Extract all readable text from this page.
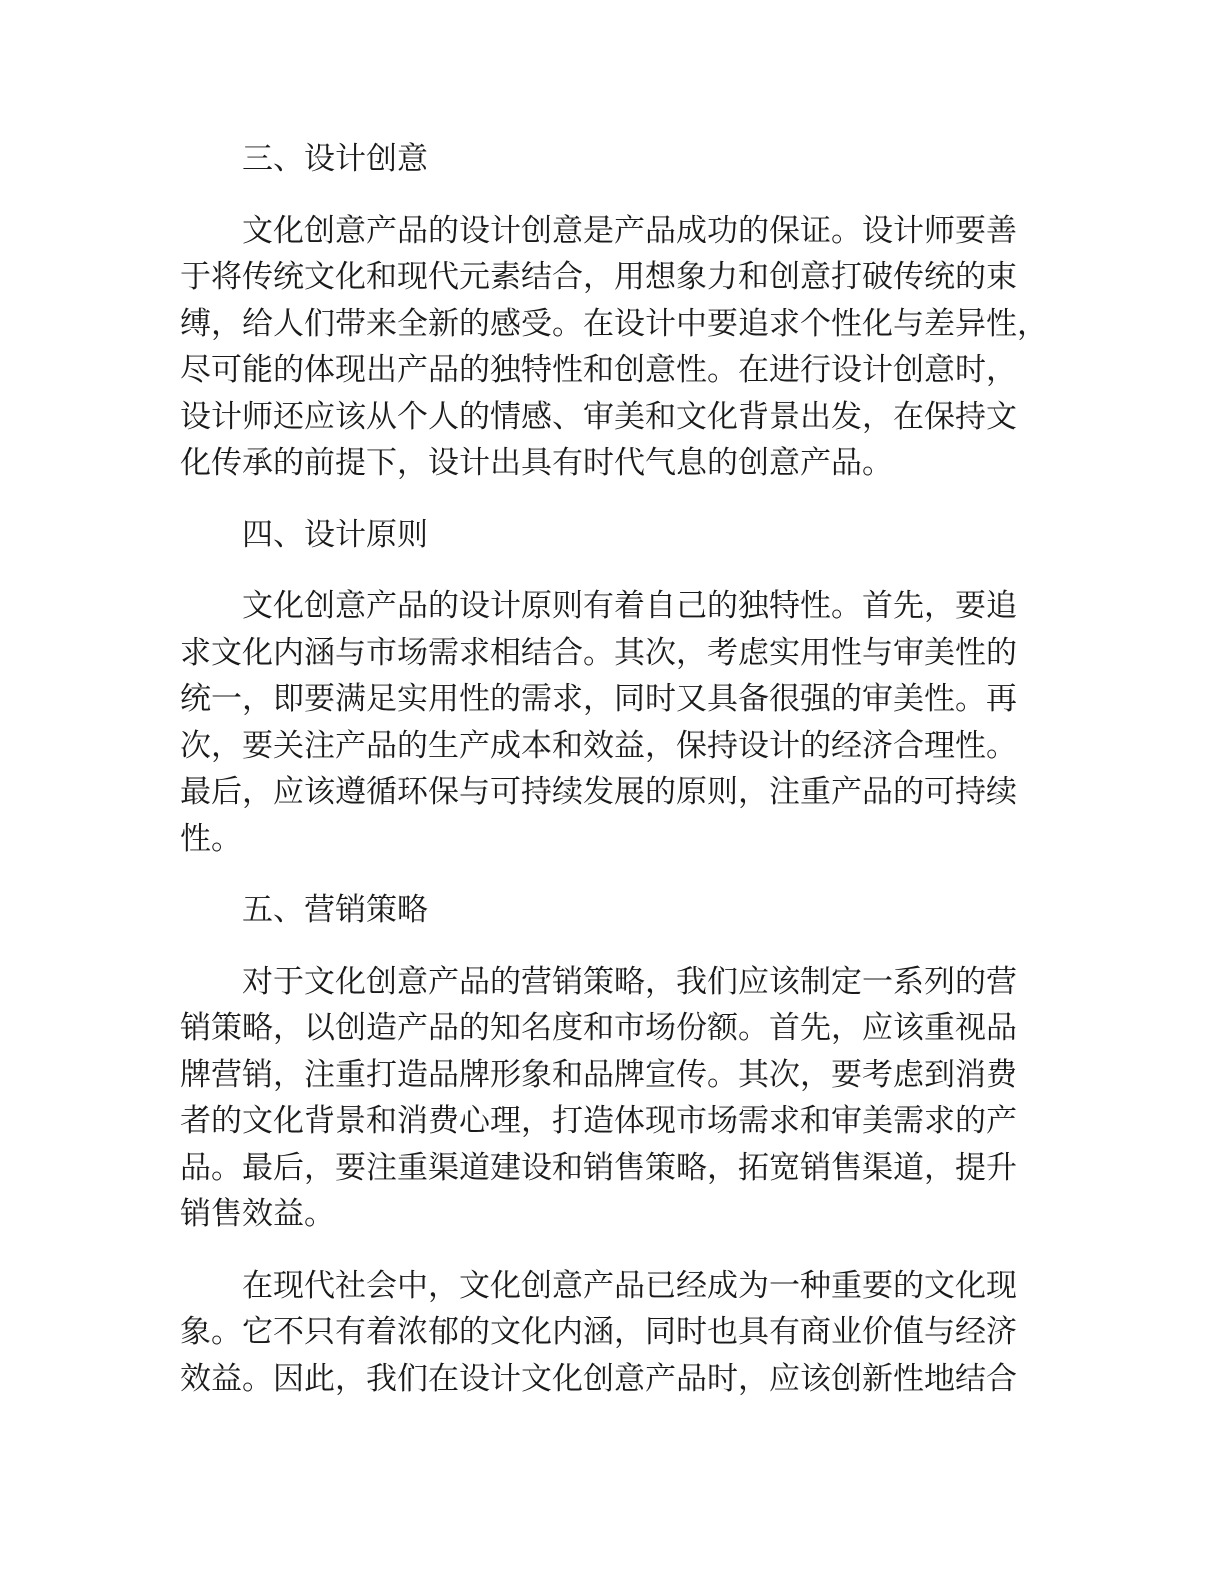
三、设计创意

文化创意产品的设计创意是产品成功的保证。设计师要善
于将传统文化和现代元素结合，用想象力和创意打破传统的束
缚，给人们带来全新的感受。在设计中要追求个性化与差异性，
尽可能的体现出产品的独特性和创意性。在进行设计创意时，
设计师还应该从个人的情感、审美和文化背景出发，在保持文
化传承的前提下，设计出具有时代气息的创意产品。

四、设计原则

文化创意产品的设计原则有着自己的独特性。首先，要追
求文化内涵与市场需求相结合。其次，考虑实用性与审美性的
统一，即要满足实用性的需求，同时又具备很强的审美性。再
次，要关注产品的生产成本和效益，保持设计的经济合理性。
最后，应该遵循环保与可持续发展的原则，注重产品的可持续
性。

五、营销策略

对于文化创意产品的营销策略，我们应该制定一系列的营
销策略，以创造产品的知名度和市场份额。首先，应该重视品
牌营销，注重打造品牌形象和品牌宣传。其次，要考虑到消费
者的文化背景和消费心理，打造体现市场需求和审美需求的产
品。最后，要注重渠道建设和销售策略，拓宽销售渠道，提升
销售效益。

在现代社会中，文化创意产品已经成为一种重要的文化现
象。它不只有着浓郁的文化内涵，同时也具有商业价值与经济
效益。因此，我们在设计文化创意产品时，应该创新性地结合
